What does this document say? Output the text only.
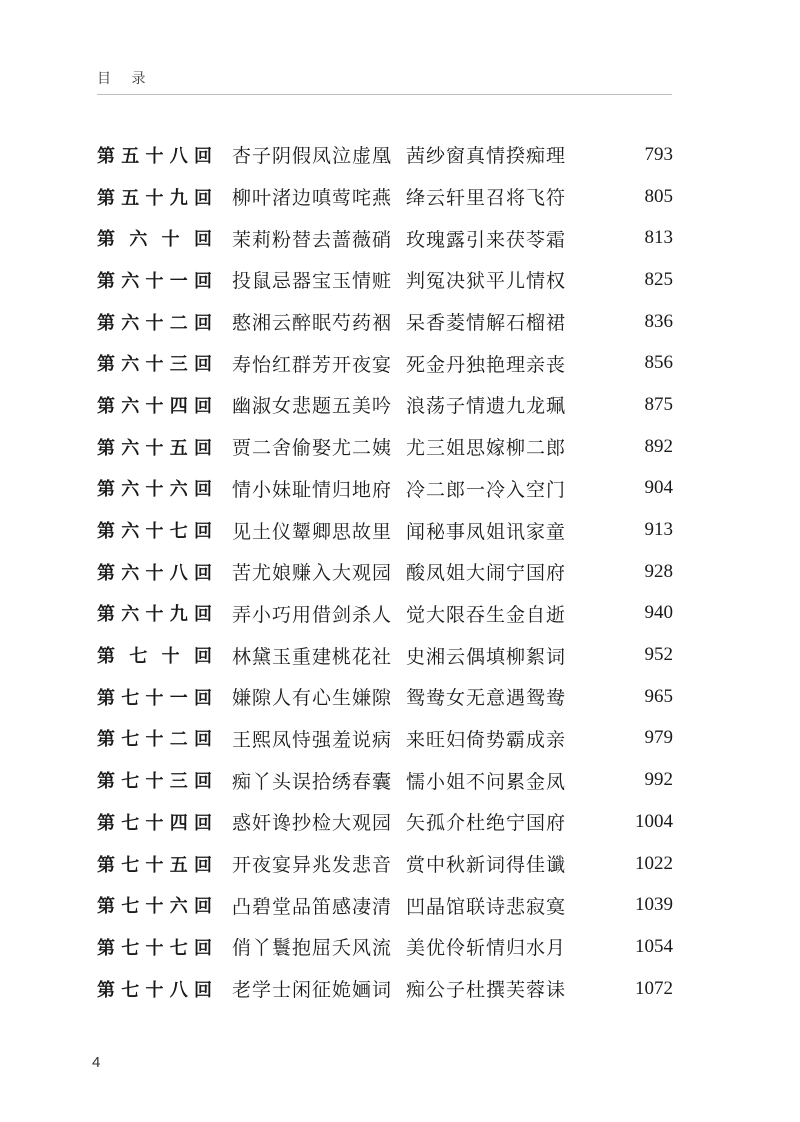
目 录
第 五 十 八 回 杏子阴假凤泣虚凰 茜纱窗真情揆痴理	793
第 五 十 九 回 柳叶渚边嗔莺咤燕 绛云轩里召将飞符	805
第 六 十 回 茉莉粉替去蔷薇硝 玫瑰露引来茯苓霜	813
第 六 十 一 回 投鼠忌器宝玉情赃 判冤决狱平儿情权	825
第 六 十 二 回 憨湘云醉眠芍药裀 呆香菱情解石榴裙	836
第 六 十 三 回 寿怡红群芳开夜宴 死金丹独艳理亲丧	856
第 六 十 四 回 幽淑女悲题五美吟 浪荡子情遗九龙珮	875
第 六 十 五 回 贾二舍偷娶尤二姨 尤三姐思嫁柳二郎	892
第 六 十 六 回 情小妹耻情归地府 冷二郎一冷入空门	904
第 六 十 七 回 见土仪颦卿思故里 闻秘事凤姐讯家童	913
第 六 十 八 回 苦尤娘赚入大观园 酸凤姐大闹宁国府	928
第 六 十 九 回 弄小巧用借剑杀人 觉大限吞生金自逝	940
第 七 十 回 林黛玉重建桃花社 史湘云偶填柳絮词	952
第 七 十 一 回 嫌隙人有心生嫌隙 鸳鸯女无意遇鸳鸯	965
第 七 十 二 回 王熙凤恃强羞说病 来旺妇倚势霸成亲	979
第 七 十 三 回 痴丫头误拾绣春囊 懦小姐不问累金凤	992
第 七 十 四 回 惑奸谗抄检大观园 矢孤介杜绝宁国府	1004
第 七 十 五 回 开夜宴异兆发悲音 赏中秋新词得佳谶	1022
第 七 十 六 回 凸碧堂品笛感凄清 凹晶馆联诗悲寂寞	1039
第 七 十 七 回 俏丫鬟抱屈夭风流 美优伶斩情归水月	1054
第 七 十 八 回 老学士闲征姽婳词 痴公子杜撰芙蓉诔	1072
4
